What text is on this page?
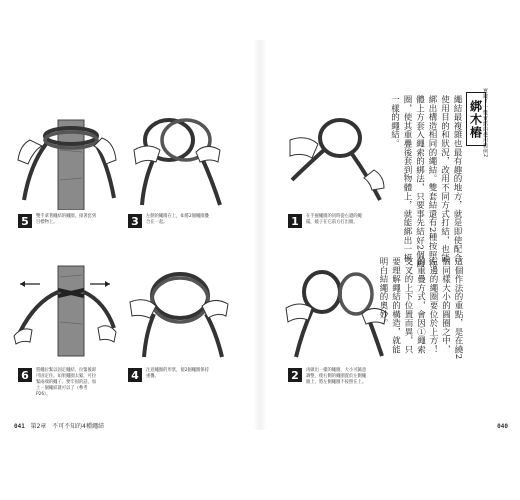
5	雙手拿著繩結的繩圈，接著套到目標物上。	3	左側的繩圈在上，如將2個繩圈疊合在一起。	1	在手握繩圈的同時從右邊的繩擺，繞子在它前方打出圈。
6	將繩拉緊以固定繩結，拉緊後即可固定住。如果繩圈太鬆，可拉緊兩端的繩子。要牢固的話，加上一個繩結就可以了（參考P26）。
4	注意繩圈的形狀，使2個繩圈保持重疊。	2	再做出一樣的繩圈，大小可隨意調整，使右側的繩圈置於左側繩圈上，將左側繩圈不按照在上。
實踐！一雙實結的使用範例2
綁木樁
繩結最複雜也最有趣的地方，就是即使配合使用目的和狀況，改用不同方式打結，也能綁出構造相同的繩結。雙套結還有2種按照物體上方套入繩索的綁法，只要事先結好2個圓圈，使其重疊後套到物體上，就能綁出一模一樣的繩結。
這個作法的重點，是在繞2個同樣大小的圓圈之中，左邊的繩圈要位於上方！的重疊方式，會因①繩索交叉的上下位置而異，只要理解繩結的構造，就能明白結繩的奧妙。
041 第2章 不可不知的4種繩結	040
